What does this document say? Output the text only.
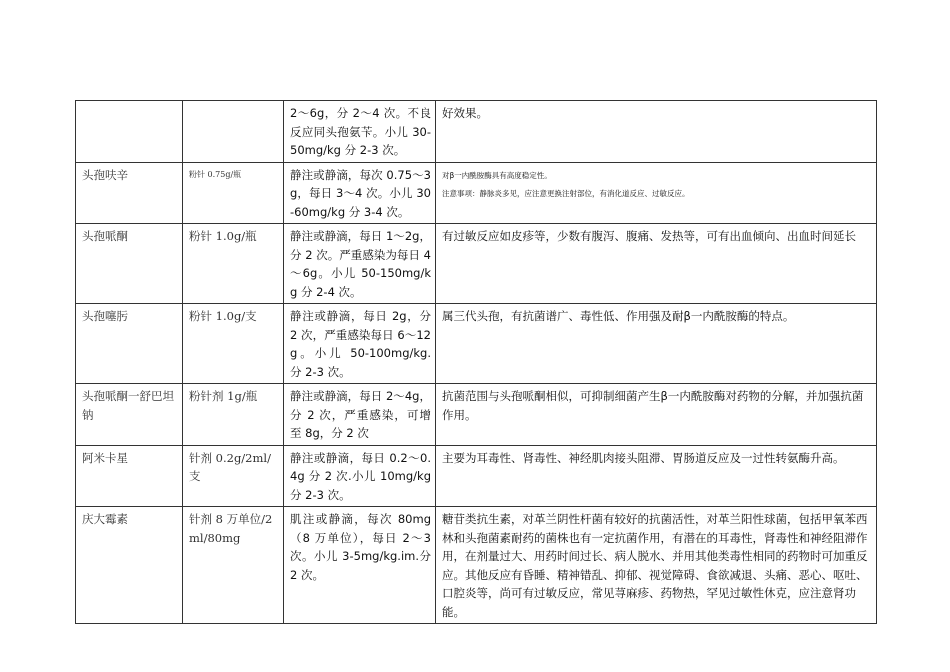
		2～6g，分 2～4 次。不良反应同头孢氨苄。小儿 30-50mg/kg 分 2-3 次。	好效果。

头孢呋辛	粉针 0.75g/瓶	静注或静滴，每次 0.75～3g，每日 3～4 次。小儿 30-60mg/kg 分 3-4 次。	对β一内酰胺酶具有高度稳定性。
注意事项：静脉炎多见，应注意更换注射部位，有消化道反应、过敏反应。

头孢哌酮	粉针 1.0g/瓶	静注或静滴，每日 1～2g，分 2 次。严重感染为每日 4～6g。小儿 50-150mg/kg 分 2-4 次。	有过敏反应如皮疹等，少数有腹泻、腹痛、发热等，可有出血倾向、出血时间延长

头孢噻肟	粉针 1.0g/支	静注或静滴，每日 2g，分 2 次，严重感染每日 6～12g。小儿 50-100mg/kg. 分 2-3 次。	属三代头孢，有抗菌谱广、毒性低、作用强及耐β一内酰胺酶的特点。

头孢哌酮一舒巴坦钠	粉针剂 1g/瓶	静注或静滴，每日 2～4g，分 2 次，严重感染，可增至 8g，分 2 次	抗菌范围与头孢哌酮相似，可抑制细菌产生β一内酰胺酶对药物的分解，并加强抗菌作用。

阿米卡星	针剂 0.2g/2ml/支	静注或静滴，每日 0.2～0.4g 分 2 次.小儿 10mg/kg 分 2-3 次。	主要为耳毒性、肾毒性、神经肌肉接头阻滞、胃肠道反应及一过性转氨酶升高。

庆大霉素	针剂 8 万单位/2ml/80mg	肌注或静滴，每次 80mg（8 万单位），每日 2～3 次。小儿 3-5mg/kg.im.分 2 次。	糖苷类抗生素，对革兰阴性杆菌有较好的抗菌活性，对革兰阳性球菌，包括甲氧苯西林和头孢菌素耐药的菌株也有一定抗菌作用，有潜在的耳毒性，肾毒性和神经阻滞作用，在剂量过大、用药时间过长、病人脱水、并用其他类毒性相同的药物时可加重反应。其他反应有昏睡、精神错乱、抑郁、视觉障碍、食欲减退、头痛、恶心、呕吐、口腔炎等，尚可有过敏反应，常见荨麻疹、药物热，罕见过敏性休克，应注意肾功能。
